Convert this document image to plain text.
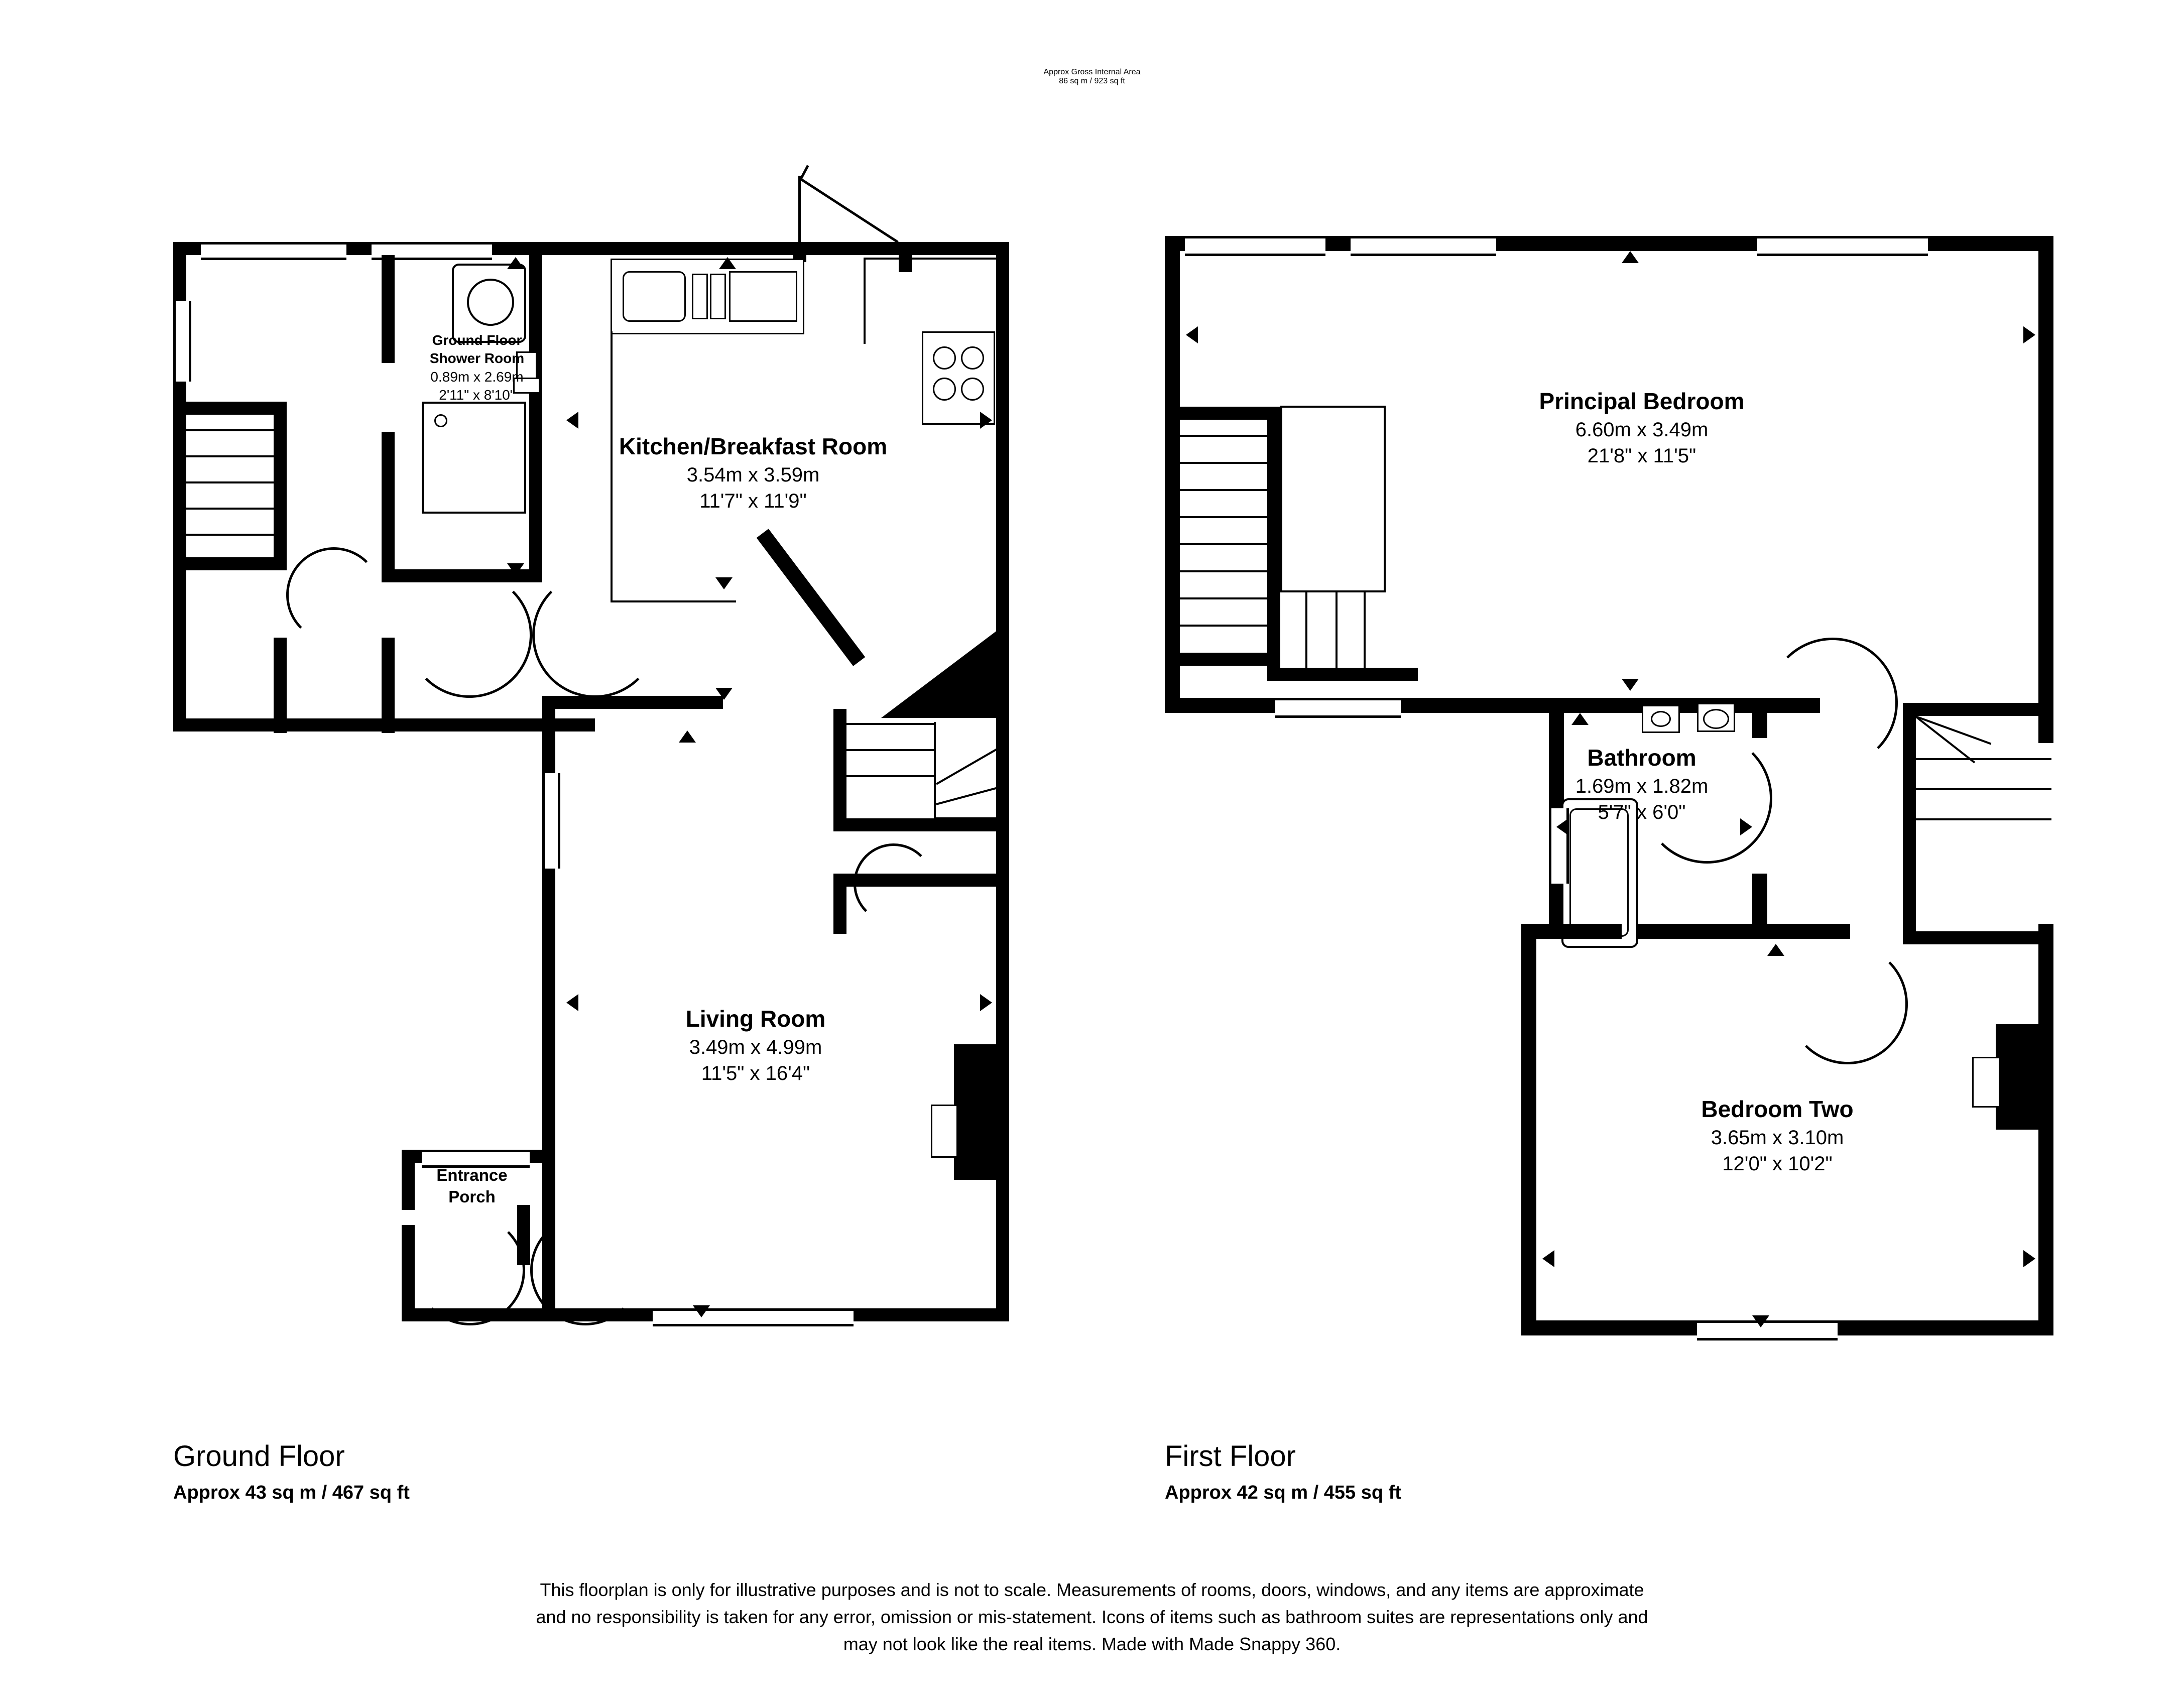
Approx Gross Internal Area
86 sq m / 923 sq ft
Ground Floor
Shower Room
0.89m x 2.69m
2'11" x 8'10"
Kitchen/Breakfast Room
3.54m x 3.59m
11'7" x 11'9"
Living Room
3.49m x 4.99m
11'5" x 16'4"
Entrance
Porch
Ground Floor
Approx 43 sq m / 467 sq ft
Principal Bedroom
6.60m x 3.49m
21'8" x 11'5"
Bathroom
1.69m x 1.82m
5'7" x 6'0"
Bedroom Two
3.65m x 3.10m
12'0" x 10'2"
First Floor
Approx 42 sq m / 455 sq ft
This floorplan is only for illustrative purposes and is not to scale. Measurements of rooms, doors, windows, and any items are approximate
and no responsibility is taken for any error, omission or mis-statement. Icons of items such as bathroom suites are representations only and
may not look like the real items. Made with Made Snappy 360.
